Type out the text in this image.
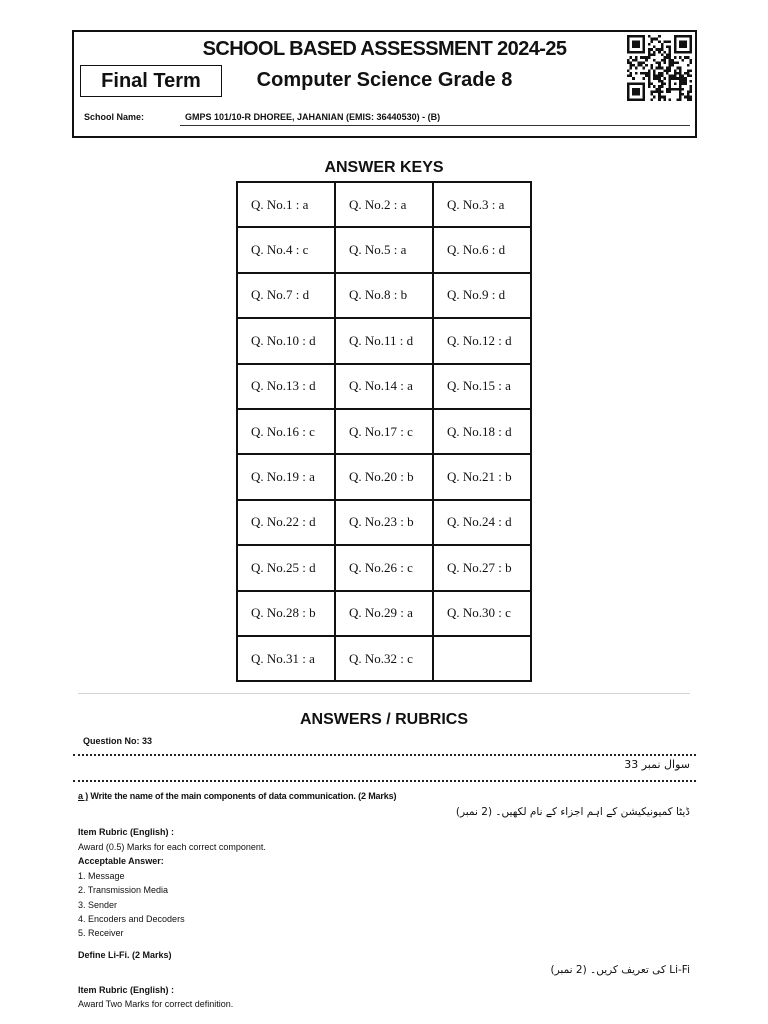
SCHOOL BASED ASSESSMENT 2024-25
Final Term	Computer Science Grade 8
School Name:	GMPS 101/10-R DHOREE, JAHANIAN (EMIS: 36440530) - (B)
ANSWER KEYS
Q. No.1 : a	Q. No.2 : a	Q. No.3 : a
Q. No.4 : c	Q. No.5 : a	Q. No.6 : d
Q. No.7 : d	Q. No.8 : b	Q. No.9 : d
Q. No.10 : d	Q. No.11 : d	Q. No.12 : d
Q. No.13 : d	Q. No.14 : a	Q. No.15 : a
Q. No.16 : c	Q. No.17 : c	Q. No.18 : d
Q. No.19 : a	Q. No.20 : b	Q. No.21 : b
Q. No.22 : d	Q. No.23 : b	Q. No.24 : d
Q. No.25 : d	Q. No.26 : c	Q. No.27 : b
Q. No.28 : b	Q. No.29 : a	Q. No.30 : c
Q. No.31 : a	Q. No.32 : c
ANSWERS / RUBRICS
Question No: 33
سوال نمبر 33
a ) Write the name of the main components of data communication. (2 Marks)
ڈیٹا کمیونیکیشن کے اہم اجزاء کے نام لکھیں۔ (2 نمبر)
Item Rubric (English) :
Award (0.5) Marks for each correct component.
Acceptable Answer:
1. Message
2. Transmission Media
3. Sender
4. Encoders and Decoders
5. Receiver
Define Li-Fi. (2 Marks)
Li-Fi کی تعریف کریں۔ (2 نمبر)
Item Rubric (English) :
Award Two Marks for correct definition.
